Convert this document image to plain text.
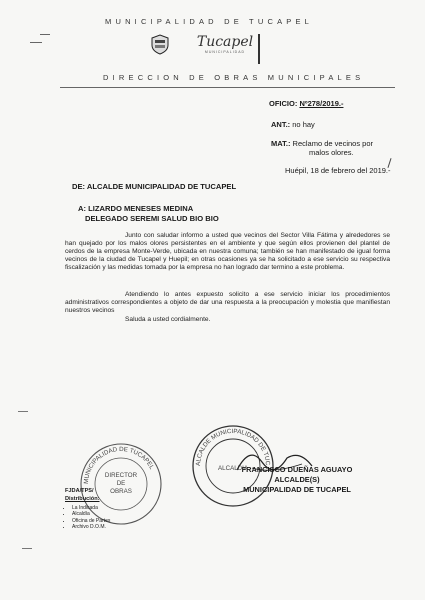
MUNICIPALIDAD DE TUCAPEL
Tucapel
MUNICIPALIDAD
DIRECCION DE OBRAS MUNICIPALES
OFICIO: Nº278/2019.-
ANT.: no hay
MAT.: Reclamo de vecinos por
malos olores.
Huépil, 18 de febrero del 2019.-
DE: ALCALDE MUNICIPALIDAD DE TUCAPEL
A: LIZARDO MENESES MEDINA
DELEGADO SEREMI SALUD BIO BIO
Junto con saludar informo a usted que vecinos del Sector Villa Fátima y alrededores se han quejado por los malos olores persistentes en el ambiente y que según ellos provienen del plantel de cerdos de la empresa Monte-Verde, ubicada en nuestra comuna; también se han manifestado de igual forma vecinos de la ciudad de Tucapel y Huepil; en otras ocasiones ya se ha solicitado a ese servicio su respectiva fiscalización y las medidas tomada por la empresa no han logrado dar termino a este problema.
Atendiendo lo antes expuesto solicito a ese servicio iniciar los procedimientos administrativos correspondientes a objeto de dar una respuesta a la preocupación y molestia que manifiestan nuestros vecinos
Saluda a usted cordialmente.
ALCALDE MUNICIPALIDAD DE TUC
ALCALDIA
MUNICIPALIDAD DE TUCAPEL
DIRECTOR
DE
OBRAS
FRANCISCO DUEÑAS AGUAYO
ALCALDE(S)
MUNICIPALIDAD DE TUCAPEL
FJDA/TPS/
Distribución:
• La Indicada
• Alcaldía
• Oficina de Partes
• Archivo D.O.M.
